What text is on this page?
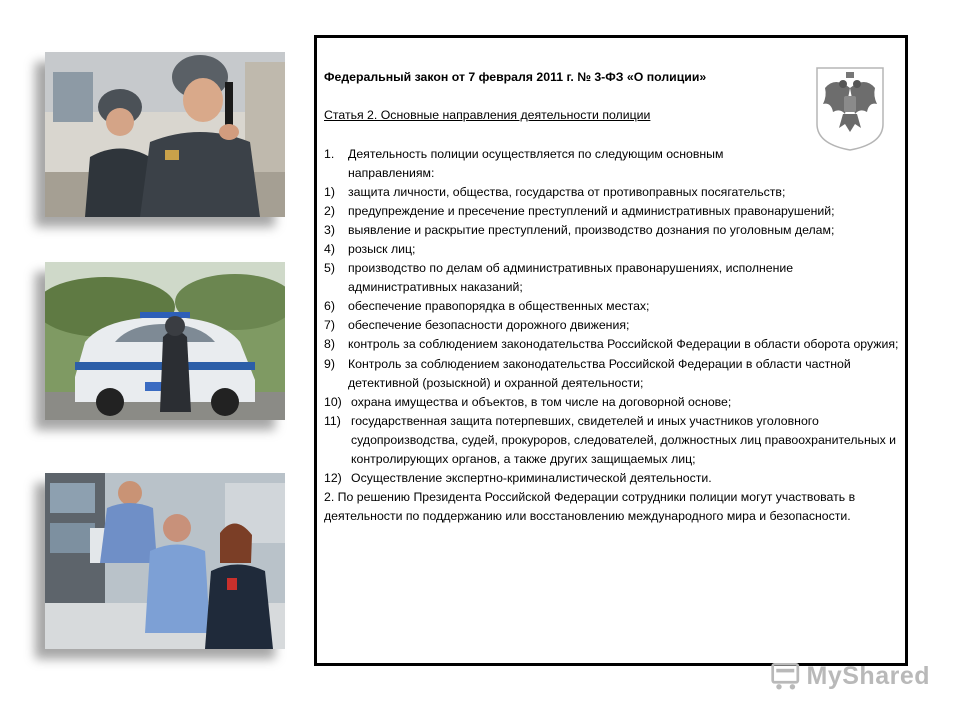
Федеральный закон от 7 февраля 2011 г. № 3-ФЗ «О полиции»
Статья 2. Основные направления деятельности полиции
1.	Деятельность полиции осуществляется по следующим основным направлениям:
1)	защита личности, общества, государства от противоправных посягательств;
2)	предупреждение и пресечение преступлений и административных правонарушений;
3)	выявление и раскрытие преступлений, производство дознания по уголовным делам;
4)	розыск лиц;
5)	производство по делам об административных правонарушениях, исполнение административных наказаний;
6)	обеспечение правопорядка в общественных местах;
7)	обеспечение безопасности дорожного движения;
8)	контроль за соблюдением законодательства Российской Федерации в области оборота оружия;
9)	Контроль за соблюдением законодательства Российской Федерации в области частной детективной (розыскной) и охранной деятельности;
10) охрана имущества и объектов, в том числе на договорной основе;
11) государственная защита потерпевших, свидетелей и иных участников уголовного судопроизводства, судей, прокуроров, следователей, должностных лиц правоохранительных и контролирующих органов, а также других защищаемых лиц;
12) Осуществление экспертно-криминалистической деятельности.
2. По решению Президента Российской Федерации сотрудники полиции могут участвовать в деятельности по поддержанию или восстановлению международного мира и безопасности.
MyShared
